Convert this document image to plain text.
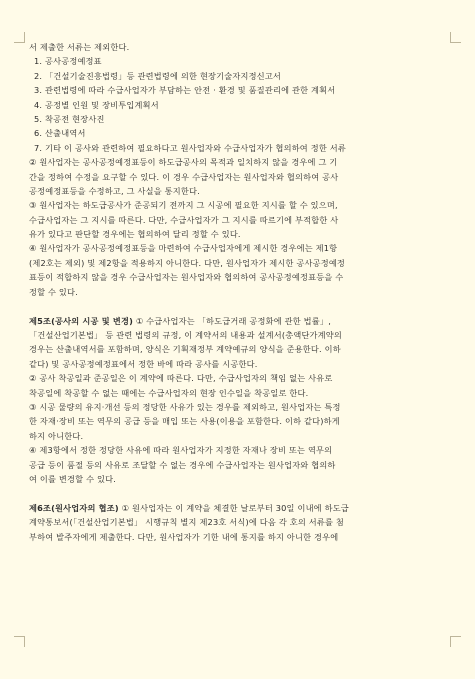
서 제출한 서류는 제외한다.
1. 공사공정예정표
2. 「건설기술진흥법령」등 관련법령에 의한 현장기술자지정신고서
3. 관련법령에 따라 수급사업자가 부담하는 안전 · 환경 및 품질관리에 관한 계획서
4. 공정별 인원 및 장비투입계획서
5. 착공전 현장사진
6. 산출내역서
7. 기타 이 공사와 관련하여 필요하다고 원사업자와 수급사업자가 협의하여 정한 서류
② 원사업자는 공사공정예정표등이 하도급공사의 목적과 일치하지 않을 경우에 그 기
간을 정하여 수정을 요구할 수 있다. 이 경우 수급사업자는 원사업자와 협의하여 공사
공정예정표등을 수정하고, 그 사실을 통지한다.
③ 원사업자는 하도급공사가 준공되기 전까지 그 시공에 필요한 지시를 할 수 있으며,
수급사업자는 그 지시를 따른다. 다만, 수급사업자가 그 지시를 따르기에 부적합한 사
유가 있다고 판단할 경우에는 협의하여 달리 정할 수 있다.
④ 원사업자가 공사공정예정표등을 마련하여 수급사업자에게 제시한 경우에는 제1항
(제2호는 제외) 및 제2항을 적용하지 아니한다. 다만, 원사업자가 제시한 공사공정예정
표등이 적합하지 않을 경우 수급사업자는 원사업자와 협의하여 공사공정예정표등을 수
정할 수 있다.
제5조(공사의 시공 및 변경) ① 수급사업자는 「하도급거래 공정화에 관한 법률」,
「건설산업기본법」 등 관련 법령의 규정, 이 계약서의 내용과 설계서(총액단가계약의
경우는 산출내역서를 포함하며, 양식은 기획재정부 계약예규의 양식을 준용한다. 이하
같다) 및 공사공정예정표에서 정한 바에 따라 공사를 시공한다.
② 공사 착공일과 준공일은 이 계약에 따른다. 다만, 수급사업자의 책임 없는 사유로
착공일에 착공할 수 없는 때에는 수급사업자의 현장 인수일을 착공일로 한다.
③ 시공 물량의 유지·개선 등의 정당한 사유가 있는 경우를 제외하고, 원사업자는 특정
한 자재·장비 또는 역무의 공급 등을 매입 또는 사용(이용을 포함한다. 이하 같다)하게
하지 아니한다.
④ 제3항에서 정한 정당한 사유에 따라 원사업자가 지정한 자재나 장비 또는 역무의
공급 등이 품절 등의 사유로 조달할 수 없는 경우에 수급사업자는 원사업자와 협의하
여 이를 변경할 수 있다.
제6조(원사업자의 협조) ① 원사업자는 이 계약을 체결한 날로부터 30일 이내에 하도급
계약통보서(「건설산업기본법」 시행규칙 별지 제23호 서식)에 다음 각 호의 서류를 첨
부하여 발주자에게 제출한다. 다만, 원사업자가 기한 내에 통지를 하지 아니한 경우에
